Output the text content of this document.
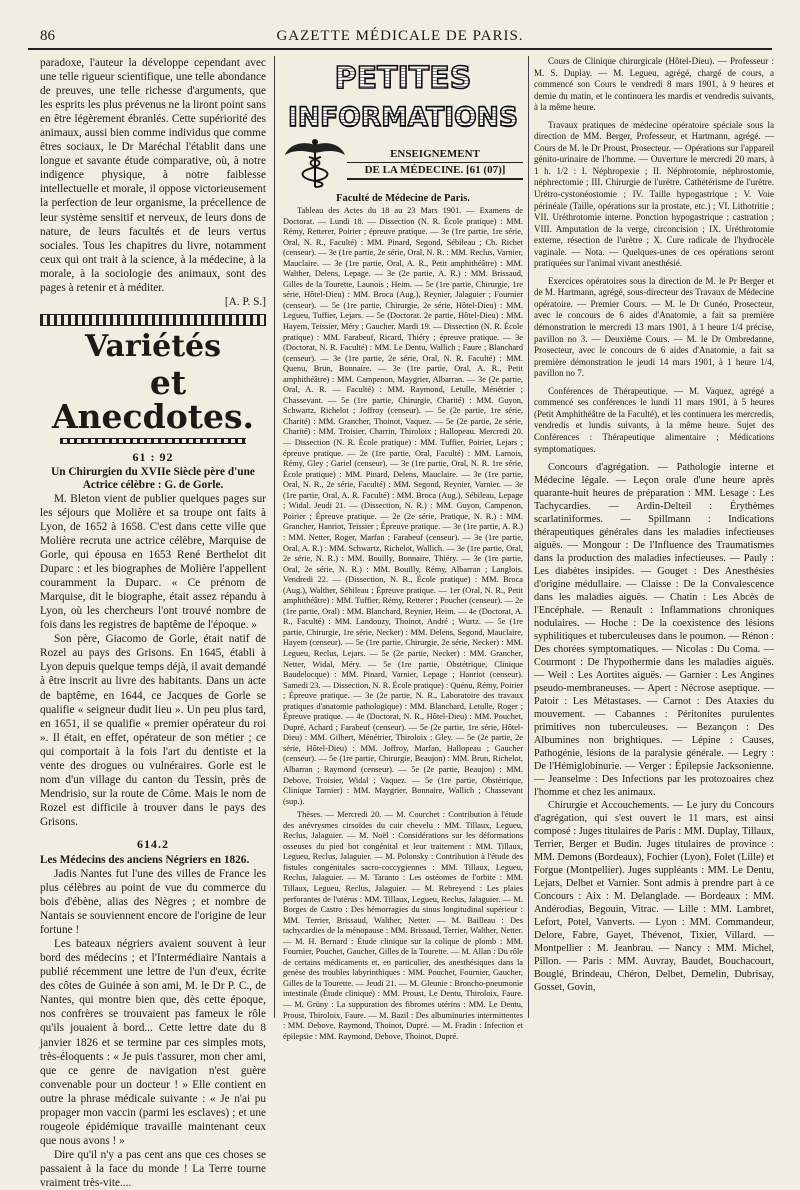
86	GAZETTE MÉDICALE DE PARIS.

paradoxe, l'auteur la développe cependant avec une telle rigueur scientifique, une telle abondance de preuves, une telle richesse d'arguments, que les esprits les plus prévenus ne la liront point sans en être légèrement ébranlés. Cette supériorité des animaux, aussi bien comme individus que comme êtres sociaux, le Dr Maréchal l'établit dans une longue et savante étude comparative, où, à notre indigence physique, à notre faiblesse intellectuelle et morale, il oppose victorieusement la perfection de leur organisme, la précellence de leur système sensitif et nerveux, de leurs dons de nature, de leurs facultés et de leurs vertus sociales. Tous les chapitres du livre, notamment ceux qui ont trait à la science, à la médecine, à la morale, à la sociologie des animaux, sont des pages à retenir et à méditer.

[A. P. S.]

Variétés
et Anecdotes.
61 : 92
Un Chirurgien du XVIIe Siècle père d'une Actrice célèbre : G. de Gorle.

M. Bleton vient de publier quelques pages sur les séjours que Molière et sa troupe ont faits à Lyon, de 1652 à 1658. C'est dans cette ville que Molière recruta une actrice célèbre, Marquise de Gorle, qui épousa en 1653 René Berthelot dit Duparc : et les biographes de Molière l'appellent couramment la Duparc. « Ce prénom de Marquise, dit le biographe, était assez répandu à Lyon, où les chercheurs l'ont trouvé nombre de fois dans les registres de baptême de l'époque. »

Son père, Giacomo de Gorle, était natif de Rozel au pays des Grisons. En 1645, établi à Lyon depuis quelque temps déjà, il avait demandé à être inscrit au livre des habitants. Dans un acte de baptême, en 1644, ce Jacques de Gorle se qualifie « seigneur dudit lieu ». Un peu plus tard, en 1651, il se qualifie « premier opérateur du roi ». Il était, en effet, opérateur de son métier ; ce qui comportait à la fois l'art du dentiste et la vente des drogues ou vulnéraires. Gorle est le nom d'un village du canton du Tessin, près de Mendrisio, sur la route de Côme. Mais le nom de Rozel est difficile à trouver dans le pays des Grisons.

614.2
Les Médecins des anciens Négriers en 1826.

Jadis Nantes fut l'une des villes de France les plus célèbres au point de vue du commerce du bois d'ébène, alias des Nègres ; et nombre de Nantais se souviennent encore de l'origine de leur fortune !

Les bateaux négriers avaient souvent à leur bord des médecins ; et l'Intermédiaire Nantais a publié récemment une lettre de l'un d'eux, écrite des côtes de Guinée à son ami, M. le Dr P. C., de Nantes, qui montre bien que, dès cette époque, nos confrères se trouvaient pas fameux le rôle qu'ils jouaient à bord... Cette lettre date du 8 janvier 1826 et se termine par ces simples mots, très-éloquents : « Je puis t'assurer, mon cher ami, que ce genre de navigation n'est guère convenable pour un docteur ! » Elle contient en outre la phrase médicale suivante : « Je n'ai pu propager mon vaccin (parmi les esclaves) ; et une rougeole épidémique travaille maintenant ceux que nous avons ! »

Dire qu'il n'y a pas cent ans que ces choses se passaient à la face du monde ! La Terre tourne vraiment très-vite....

PETITES
INFORMATIONS
ENSEIGNEMENT
DE LA MÉDECINE. [61 (07)]
Faculté de Médecine de Paris.

Tableau des Actes du 18 au 23 Mars 1901. — Examens de Doctorat. — Lundi 18. — Dissection (N. R. École pratique) : MM. Rémy, Retterer, Poirier ; épreuve pratique. — 3e (1re partie, 1re série, Oral, N. R., Faculté) : MM. Pinard, Segond, Sébileau ; Ch. Richet (censeur). — 3e (1re partie, 2e série, Oral, N. R. : MM. Reclus, Varnier, Mauclaire. — 3e (1re partie, Oral, A. R., Petit amphithéâtre) : MM. Walther, Delens, Lepage. — 3e (2e partie, A. R.) : MM. Brissaud, Gilles de la Tourette, Launois ; Heim. — 5e (1re partie, Chirurgie, 1re série, Hôtel-Dieu) : MM. Broca (Aug.), Reynier, Jalaguier ; Fournier (censeur). — 5e (1re partie, Chirurgie, 2e série, Hôtel-Dieu) : MM. Legueu, Tuffier, Lejars. — 5e (Doctorat. 2e partie, Hôtel-Dieu) : MM. Hayem, Teissier, Méry ; Gaucher. Mardi 19. — Dissection (N. R. École pratique) : MM. Farabeuf, Ricard, Thiéry ; épreuve pratique. — 3e (Doctorat, N. R. Faculté) : MM. Le Dentu, Wallich ; Faure ; Blanchard (censeur). — 3e (1re partie, 2e série, Oral, N. R. Faculté) : MM. Quenu, Brun, Bonnaire. — 3e (1re partie, Oral, A. R., Petit amphithéâtre) : MM. Campenon, Maygrier, Albarran. — 3e (2e partie, Oral, A. R. — Faculté) : MM. Raymond, Letulle, Ménétrier ; Chassevant. — 5e (1re partie, Chirurgie, Charité) : MM. Guyon, Schwartz, Richelot ; Joffroy (censeur). — 5e (2e partie, 1re série, Charité) : MM. Grancher, Thoinot, Vaquez. — 5e (2e partie, 2e série, Charité) : MM. Troisier, Charrin, Thiroloix ; Hallopeau. Mercredi 20. — Dissection (N. R. École pratique) : MM. Tuffier, Poirier, Lejars ; épreuve pratique. — 2e (1re partie, Oral, Faculté) : MM. Larnois, Rémy, Gley ; Gariel (censeur). — 3e (1re partie, Oral, N. R. 1re série, École pratique) : MM. Pinard, Delens, Mauclaire. — 3e (1re partie, Oral, N. R., 2e série, Faculté) : MM. Segond, Reynier, Varnier. — 3e (1re partie, Oral, A. R. Faculté) : MM. Broca (Aug.), Sébileau, Lepage ; Widal. Jeudi 21. — (Dissection, N. R.) : MM. Guyon, Campenon, Poirier ; Épreuve pratique. — 2e (2e série, Pratique, N. R.) : MM. Grancher, Hanriot, Teissier ; Épreuve pratique. — 3e (1re partie, A. R.) : MM. Netter, Roger, Marfan ; Farabeuf (censeur). — 3e (1re partie, Oral, A. R.) : MM. Schwartz, Richelot, Wallich. — 3e (1re partie, Oral, 2e série, N. R.) : MM. Bouilly, Bonnaire, Thiéry. — 3e (1re partie, Oral, 2e série, N. R.) : MM. Bouilly, Rémy, Albarran ; Langlois. Vendredi 22. — (Dissection, N. R., École pratique) : MM. Broca (Aug.), Walther, Sébileau ; Épreuve pratique. — 1er (Oral, N. R., Petit amphithéâtre) : MM. Tuffier, Rémy, Retterer ; Pouchet (censeur). — 2e (1re partie, Oral) : MM. Blanchard, Reynier, Heim. — 4e (Doctorat, A. R., Faculté) : MM. Landouzy, Thoinot, André ; Wurtz. — 5e (1re partie, Chirurgie, 1re série, Necker) : MM. Delens, Segond, Mauclaire, Hayem (censeur). — 5e (1re partie, Chirurgie, 2e série, Necker) : MM. Legueu, Reclus, Lejars. — 5e (2e partie, Necker) : MM. Grancher, Netter, Widal, Méry. — 5e (1re partie, Obstétrique, Clinique Baudelocque) : MM. Pinard, Varnier, Lepage ; Hanriot (censeur). Samedi 23. — Dissection, N. R. École pratique) : Quénu, Rémy, Poirier ; Épreuve pratique. — 3e (2e partie, N. R., Laboratoire des travaux pratiques d'anatomie pathologique) : MM. Blanchard, Letulle, Roger ; Épreuve pratique. — 4e (Doctorat, N. R., Hôtel-Dieu) : MM. Pouchet, Dupré, Achard ; Farabeuf (censeur). — 5e (2e partie, 1re série, Hôtel-Dieu) : MM. Gilbert, Ménétrier, Thiroloix ; Gley. — 5e (2e partie, 2e série, Hôtel-Dieu) : MM. Joffroy, Marfan, Hallopeau ; Gaucher (censeur). — 5e (1re partie, Chirurgie, Beaujon) : MM. Brun, Richelot, Albarran ; Raymond (censeur). — 5e (2e partie, Beaujon) : MM. Debove, Troisier, Widal ; Vaquez. — 5e (1re partie, Obstétrique, Clinique Tarnier) : MM. Maygrier, Bonnaire, Wallich ; Chassevant (sup.).

Thèses. — Mercredi 20. — M. Courchet : Contribution à l'étude des anévrysmes cirsoïdes du cuir chevelu : MM. Tillaux, Legueu, Reclus, Jalaguier. — M. Noël : Considérations sur les déformations osseuses du pied bot congénital et leur traitement : MM. Tillaux, Legueu, Reclus, Jalaguier. — M. Polonsky : Contribution à l'étude des fistules congénitales sacro-coccygiennes : MM. Tillaux, Legueu, Reclus, Jalaguier. — M. Taranto : Les ostéomes de l'orbite : MM. Tillaux, Legueu, Reclus, Jalaguier. — M. Rebreyend : Les plaies perforantes de l'utérus : MM. Tillaux, Legueu, Reclus, Jalaguier. — M. Borges de Castro : Des hémorragies du sinus longitudinal supérieur : MM. Terrier, Brissaud, Walther, Netter. — M. Bailleau : Des tachycardies de la ménopause : MM. Brissaud, Terrier, Walther, Netter. — M. H. Bernard : Étude clinique sur la colique de plomb : MM. Fournier, Pouchet, Gaucher, Gilles de la Tourette. — M. Allan : Du rôle de certains médicaments et, en particulier, des anesthésiques dans la genèse des troubles labyrinthiques : MM. Pouchet, Fournier, Gaucher, Gilles de la Tourette. — Jeudi 21. — M. Gleunie : Broncho-pneumonie intestinale (Étude clinique) : MM. Proust, Le Dentu, Thiroloix, Faure. — M. Grüny : La suppuration des fibromes utérins : MM. Le Dentu, Proust, Thiroloix, Faure. — M. Bazil : Des albuminuries intermittentes : MM. Debove, Raymond, Thoinot, Dupré. — M. Fradin : Infection et épilepsie : MM. Raymond, Debove, Thoinot, Dupré.

Cours de Clinique chirurgicale (Hôtel-Dieu). — Professeur : M. S. Duplay. — M. Legueu, agrégé, chargé de cours, a commencé son Cours le vendredi 8 mars 1901, à 9 heures et demie du matin, et le continuera les mardis et vendredis suivants, à la même heure.

Travaux pratiques de médecine opératoire spéciale sous la direction de MM. Berger, Professeur, et Hartmann, agrégé. — Cours de M. le Dr Proust, Prosecteur. — Opérations sur l'appareil génito-urinaire de l'homme. — Ouverture le mercredi 20 mars, à 1 h. 1/2 : I. Néphropexie ; II. Néphrotomie, néphrostomie, néphrectomie ; III. Chirurgie de l'urètre. Cathétérisme de l'urètre. Urétro-cystonéostomie ; IV. Taille hypogastrique ; V. Voie périnéale (Taille, opérations sur la prostate, etc.) ; VI. Lithotritie ; VII. Uréthrotomie interne. Ponction hypogastrique ; castration ; VIII. Amputation de la verge, circoncision ; IX. Uréthrotomie externe, résection de l'urètre ; X. Cure radicale de l'hydrocèle vaginale. — Nota. — Quelques-unes de ces opérations seront pratiquées sur l'animal vivant anesthésié.

Exercices opératoires sous la direction de M. le Pr Berger et de M. Hartmann, agrégé, sous-directeur des Travaux de Médecine opératoire. — Premier Cours. — M. le Dr Cunéo, Prosecteur, avec le concours de 6 aides d'Anatomie, a fait sa première démonstration le mercredi 13 mars 1901, à 1 heure 1/4 précise, pavillon no 3. — Deuxième Cours. — M. le Dr Ombredanne, Prosecteur, avec le concours de 6 aides d'Anatomie, a fait sa première démonstration le jeudi 14 mars 1901, à 1 heure 1/4, pavillon no 7.

Conférences de Thérapeutique. — M. Vaquez, agrégé a commencé ses conférences le lundi 11 mars 1901, à 5 heures (Petit Amphithéâtre de la Faculté), et les continuera les mercredis, vendredis et lundis suivants, à la même heure. Sujet des Conférences : Thérapeutique alimentaire ; Médications symptomatiques.

Concours d'agrégation. — Pathologie interne et Médecine légale. — Leçon orale d'une heure après quarante-huit heures de préparation : MM. Lesage : Les Tachycardies. — Ardin-Delteil : Érythèmes scarlatiniformes. — Spillmann : Indications thérapeutiques générales dans les maladies infectieuses aiguës. — Mongour : De l'Influence des Traumatismes dans la production des maladies infectieuses. — Pauly : Les diabètes insipides. — Gouget : Des Anesthésies d'origine médullaire. — Claisse : De la Convalescence dans les maladies aiguës. — Chatin : Les Abcès de l'Encéphale. — Renault : Inflammations chroniques nodulaires. — Hoche : De la coexistence des lésions syphilitiques et tuberculeuses dans le poumon. — Rénon : Des chorées symptomatiques. — Nicolas : Du Coma. — Courmont : De l'hypothermie dans les maladies aiguës. — Weil : Les Aortites aiguës. — Garnier : Les Angines pseudo-membraneuses. — Apert : Nécrose aseptique. — Patoir : Les Métastases. — Carnot : Des Ataxies du mouvement. — Cabannes : Péritonites purulentes primitives non tuberculeuses. — Bezançon : Des Albumines non brightiques. — Lépine : Causes, Pathogénie, lésions de la paralysie générale. — Legry : De l'Hémiglobinurie. — Verger : Épilepsie Jacksonienne. — Jeanselme : Des Infections par les protozoaires chez l'homme et chez les animaux.

Chirurgie et Accouchements. — Le jury du Concours d'agrégation, qui s'est ouvert le 11 mars, est ainsi composé : Juges titulaires de Paris : MM. Duplay, Tillaux, Terrier, Berger et Budin. Juges titulaires de province : MM. Demons (Bordeaux), Fochier (Lyon), Folet (Lille) et Forgue (Montpellier). Juges suppléants : MM. Le Dentu, Lejars, Delbet et Varnier. Sont admis à prendre part à ce Concours : Aix : M. Delanglade. — Bordeaux : MM. Andérodias, Begouin, Vitrac. — Lille : MM. Lambret, Lefort, Potel, Vanverts. — Lyon : MM. Commandeur, Delore, Fabre, Gayet, Thévenot, Tixier, Villard. — Montpellier : M. Jeanbrau. — Nancy : MM. Michel, Pillon. — Paris : MM. Auvray, Baudet, Bouchacourt, Bouglé, Brindeau, Chéron, Delbet, Demelin, Dubrisay, Gosset, Govin,
